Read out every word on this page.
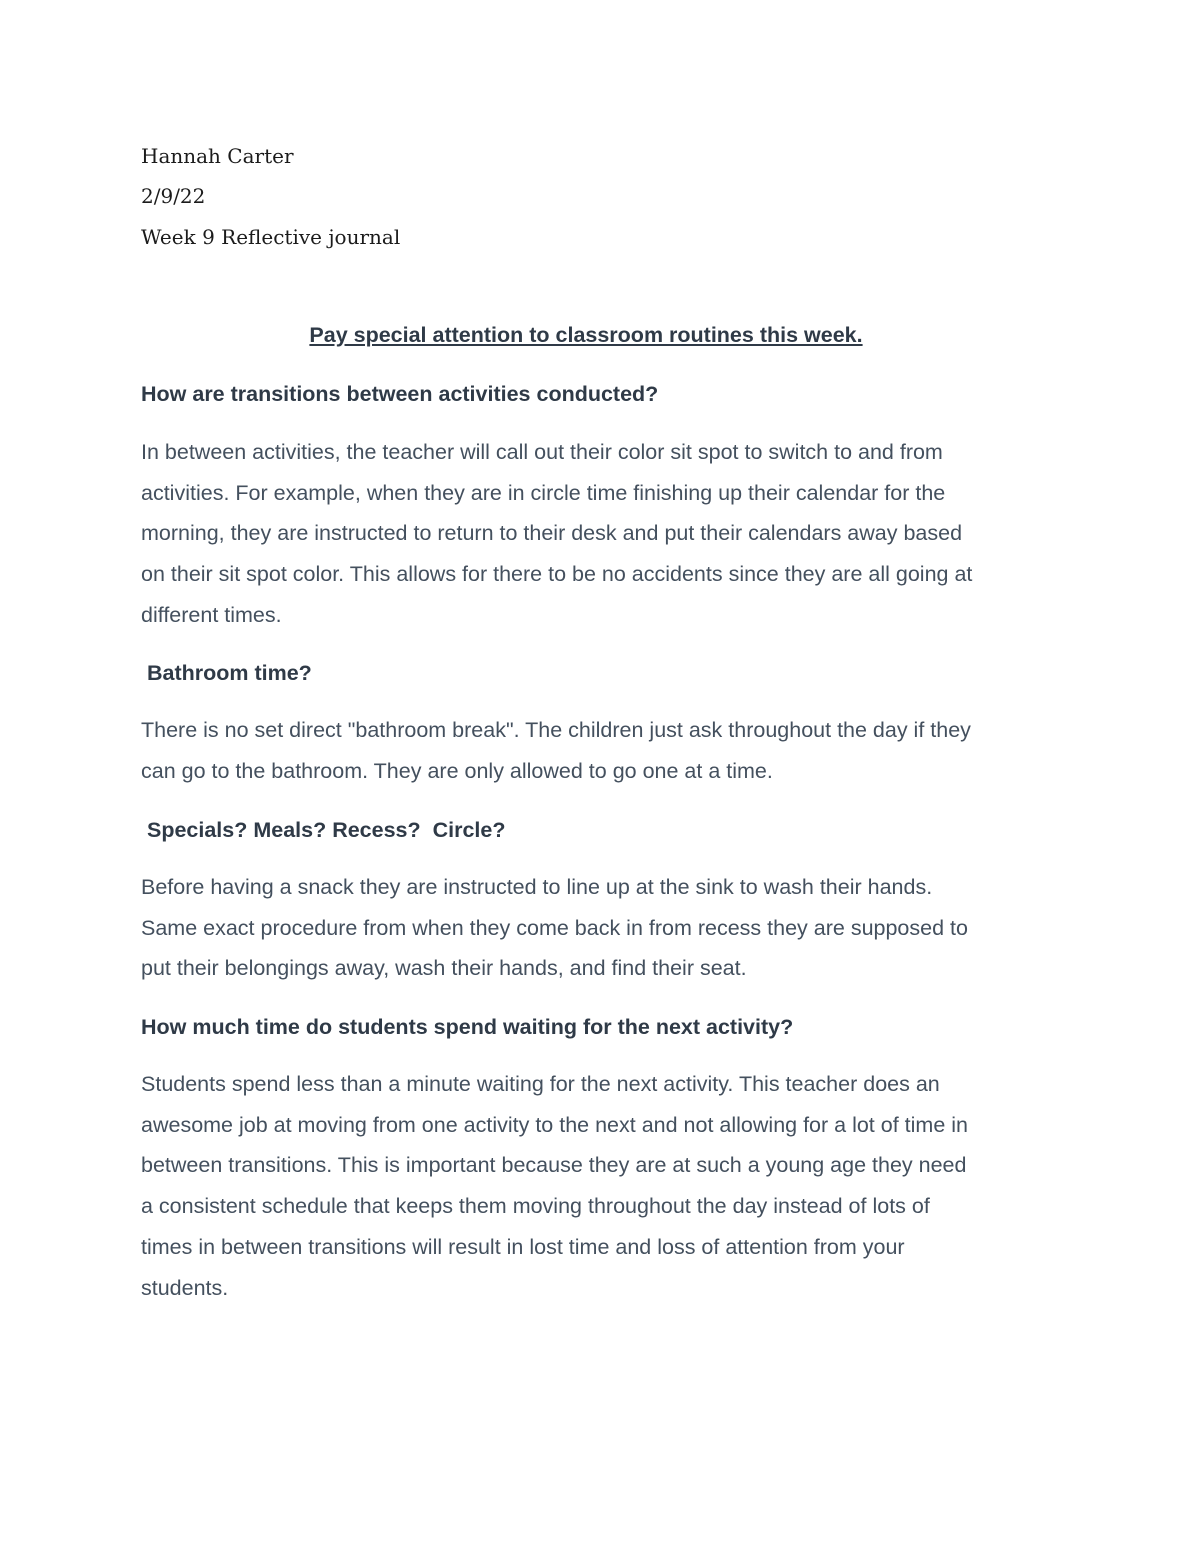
Hannah Carter
2/9/22
Week 9 Reflective journal
Pay special attention to classroom routines this week.
How are transitions between activities conducted?
In between activities, the teacher will call out their color sit spot to switch to and from
activities. For example, when they are in circle time finishing up their calendar for the
morning, they are instructed to return to their desk and put their calendars away based
on their sit spot color. This allows for there to be no accidents since they are all going at
different times.
Bathroom time?
There is no set direct "bathroom break". The children just ask throughout the day if they
can go to the bathroom. They are only allowed to go one at a time.
Specials? Meals? Recess?  Circle?
Before having a snack they are instructed to line up at the sink to wash their hands.
Same exact procedure from when they come back in from recess they are supposed to
put their belongings away, wash their hands, and find their seat.
How much time do students spend waiting for the next activity?
Students spend less than a minute waiting for the next activity. This teacher does an
awesome job at moving from one activity to the next and not allowing for a lot of time in
between transitions. This is important because they are at such a young age they need
a consistent schedule that keeps them moving throughout the day instead of lots of
times in between transitions will result in lost time and loss of attention from your
students.
